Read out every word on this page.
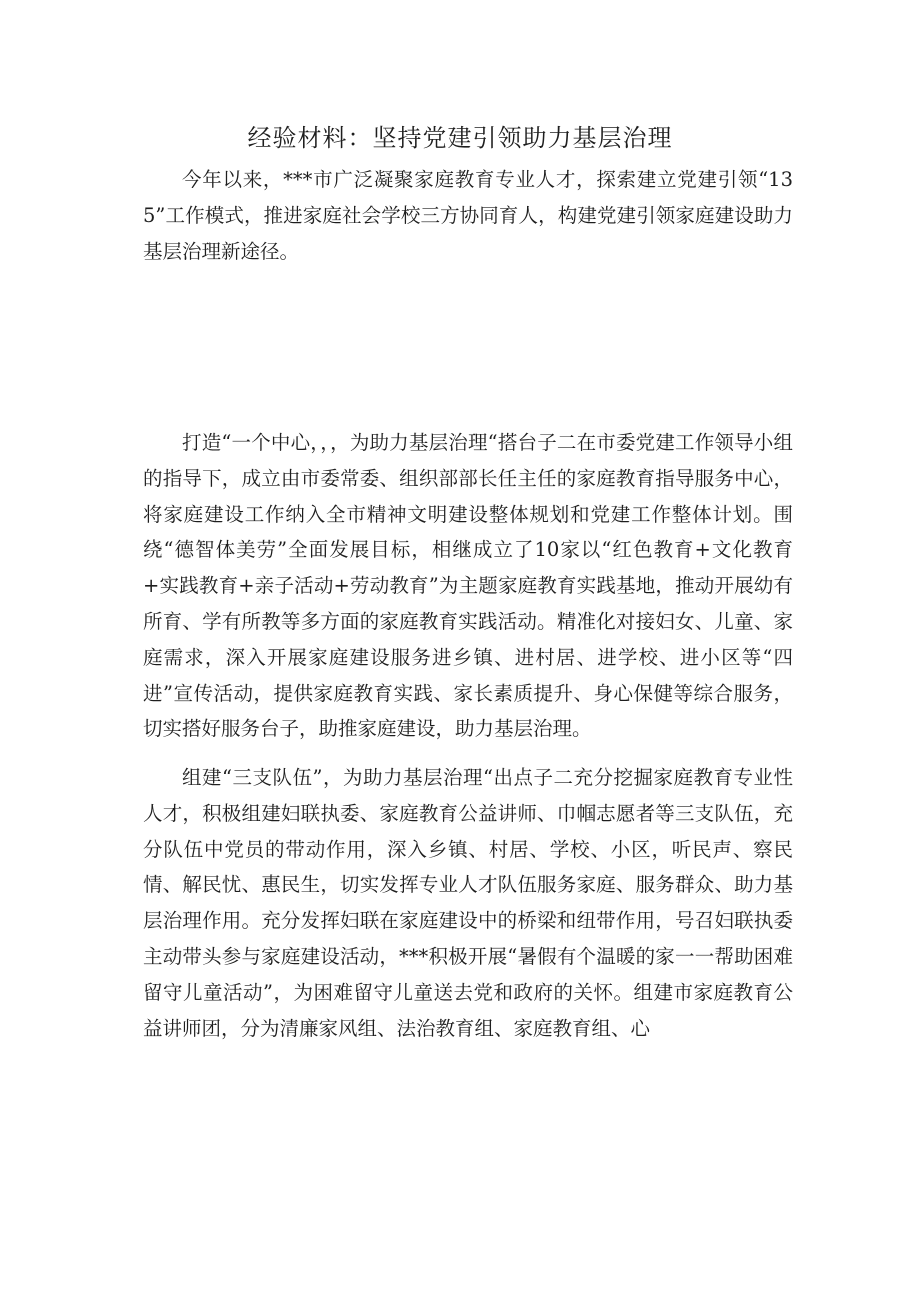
经验材料：坚持党建引领助力基层治理

今年以来，***市广泛凝聚家庭教育专业人才，探索建立党建引领“135”工作模式，推进家庭社会学校三方协同育人，构建党建引领家庭建设助力基层治理新途径。

打造“一个中心，，，为助力基层治理“搭台子二在市委党建工作领导小组的指导下，成立由市委常委、组织部部长任主任的家庭教育指导服务中心，将家庭建设工作纳入全市精神文明建设整体规划和党建工作整体计划。围绕“德智体美劳”全面发展目标，相继成立了10家以“红色教育+文化教育+实践教育+亲子活动+劳动教育”为主题家庭教育实践基地，推动开展幼有所育、学有所教等多方面的家庭教育实践活动。精准化对接妇女、儿童、家庭需求，深入开展家庭建设服务进乡镇、进村居、进学校、进小区等“四进”宣传活动，提供家庭教育实践、家长素质提升、身心保健等综合服务，切实搭好服务台子，助推家庭建设，助力基层治理。

组建“三支队伍”，为助力基层治理“出点子二充分挖掘家庭教育专业性人才，积极组建妇联执委、家庭教育公益讲师、巾帼志愿者等三支队伍，充分队伍中党员的带动作用，深入乡镇、村居、学校、小区，听民声、察民情、解民忧、惠民生，切实发挥专业人才队伍服务家庭、服务群众、助力基层治理作用。充分发挥妇联在家庭建设中的桥梁和纽带作用，号召妇联执委主动带头参与家庭建设活动，***积极开展“暑假有个温暖的家一一帮助困难留守儿童活动”，为困难留守儿童送去党和政府的关怀。组建市家庭教育公益讲师团，分为清廉家风组、法治教育组、家庭教育组、心
